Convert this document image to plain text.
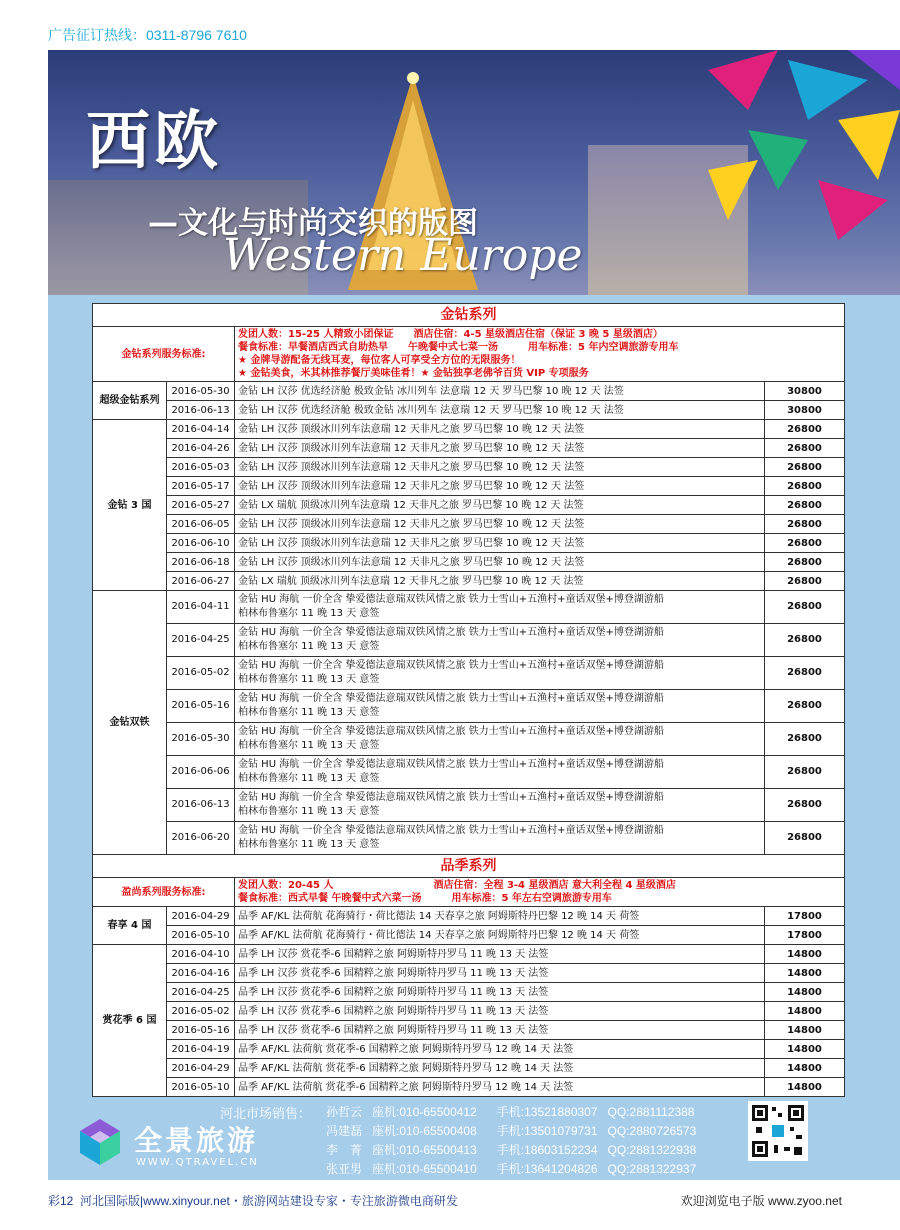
广告征订热线：0311-8796 7610
西欧
—文化与时尚交织的版图
Western Europe
金钻系列			
金钻系列服务标准:		发团人数：15-25 人精致小团保证　　酒店住宿：4-5 星级酒店住宿（保证 3 晚 5 星级酒店）
餐食标准：早餐酒店西式自助热早　　午晚餐中式七菜一汤　　　用车标准：5 年内空调旅游专用车
★ 金牌导游配备无线耳麦，每位客人可享受全方位的无限服务！
★ 金钻美食，米其林推荐餐厅美味佳肴！★ 金钻独享老佛爷百货 VIP 专项服务	

超级金钻系列	2016-05-30	金钻 LH 汉莎 优选经济舱 极致金钻 冰川列车 法意瑞 12 天 罗马巴黎 10 晚 12 天 法签	30800
	2016-06-13	金钻 LH 汉莎 优选经济舱 极致金钻 冰川列车 法意瑞 12 天 罗马巴黎 10 晚 12 天 法签	30800
金钻 3 国	2016-04-14	金钻 LH 汉莎 顶级冰川列车法意瑞 12 天非凡之旅 罗马巴黎 10 晚 12 天 法签	26800
	2016-04-26	金钻 LH 汉莎 顶级冰川列车法意瑞 12 天非凡之旅 罗马巴黎 10 晚 12 天 法签	26800
	2016-05-03	金钻 LH 汉莎 顶级冰川列车法意瑞 12 天非凡之旅 罗马巴黎 10 晚 12 天 法签	26800
	2016-05-17	金钻 LH 汉莎 顶级冰川列车法意瑞 12 天非凡之旅 罗马巴黎 10 晚 12 天 法签	26800
	2016-05-27	金钻 LX 瑞航 顶级冰川列车法意瑞 12 天非凡之旅 罗马巴黎 10 晚 12 天 法签	26800
	2016-06-05	金钻 LH 汉莎 顶级冰川列车法意瑞 12 天非凡之旅 罗马巴黎 10 晚 12 天 法签	26800
	2016-06-10	金钻 LH 汉莎 顶级冰川列车法意瑞 12 天非凡之旅 罗马巴黎 10 晚 12 天 法签	26800
	2016-06-18	金钻 LH 汉莎 顶级冰川列车法意瑞 12 天非凡之旅 罗马巴黎 10 晚 12 天 法签	26800
	2016-06-27	金钻 LX 瑞航 顶级冰川列车法意瑞 12 天非凡之旅 罗马巴黎 10 晚 12 天 法签	26800
金钻双铁	2016-04-11	金钻 HU 海航 一价全含 挚爱德法意瑞双铁风情之旅 铁力士雪山+五渔村+童话双堡+博登湖游船
柏林布鲁塞尔 11 晚 13 天 意签	26800
	2016-04-25	金钻 HU 海航 一价全含 挚爱德法意瑞双铁风情之旅 铁力士雪山+五渔村+童话双堡+博登湖游船
柏林布鲁塞尔 11 晚 13 天 意签	26800
	2016-05-02	金钻 HU 海航 一价全含 挚爱德法意瑞双铁风情之旅 铁力士雪山+五渔村+童话双堡+博登湖游船
柏林布鲁塞尔 11 晚 13 天 意签	26800
	2016-05-16	金钻 HU 海航 一价全含 挚爱德法意瑞双铁风情之旅 铁力士雪山+五渔村+童话双堡+博登湖游船
柏林布鲁塞尔 11 晚 13 天 意签	26800
	2016-05-30	金钻 HU 海航 一价全含 挚爱德法意瑞双铁风情之旅 铁力士雪山+五渔村+童话双堡+博登湖游船
柏林布鲁塞尔 11 晚 13 天 意签	26800
	2016-06-06	金钻 HU 海航 一价全含 挚爱德法意瑞双铁风情之旅 铁力士雪山+五渔村+童话双堡+博登湖游船
柏林布鲁塞尔 11 晚 13 天 意签	26800
	2016-06-13	金钻 HU 海航 一价全含 挚爱德法意瑞双铁风情之旅 铁力士雪山+五渔村+童话双堡+博登湖游船
柏林布鲁塞尔 11 晚 13 天 意签	26800
	2016-06-20	金钻 HU 海航 一价全含 挚爱德法意瑞双铁风情之旅 铁力士雪山+五渔村+童话双堡+博登湖游船
柏林布鲁塞尔 11 晚 13 天 意签	26800
品季系列			
盈尚系列服务标准:		发团人数：20-45 人　　　　　　　　　　酒店住宿：全程 3-4 星级酒店 意大利全程 4 星级酒店
餐食标准：西式早餐 午晚餐中式六菜一汤　　　用车标准：5 年左右空调旅游专用车	

春享 4 国	2016-04-29	品季 AF/KL 法荷航 花海骑行・荷比德法 14 天春享之旅 阿姆斯特丹巴黎 12 晚 14 天 荷签	17800
	2016-05-10	品季 AF/KL 法荷航 花海骑行・荷比德法 14 天春享之旅 阿姆斯特丹巴黎 12 晚 14 天 荷签	17800
赏花季 6 国	2016-04-10	品季 LH 汉莎 赏花季-6 国精粹之旅 阿姆斯特丹罗马 11 晚 13 天 法签	14800
	2016-04-16	品季 LH 汉莎 赏花季-6 国精粹之旅 阿姆斯特丹罗马 11 晚 13 天 法签	14800
	2016-04-25	品季 LH 汉莎 赏花季-6 国精粹之旅 阿姆斯特丹罗马 11 晚 13 天 法签	14800
	2016-05-02	品季 LH 汉莎 赏花季-6 国精粹之旅 阿姆斯特丹罗马 11 晚 13 天 法签	14800
	2016-05-16	品季 LH 汉莎 赏花季-6 国精粹之旅 阿姆斯特丹罗马 11 晚 13 天 法签	14800
	2016-04-19	品季 AF/KL 法荷航 赏花季-6 国精粹之旅 阿姆斯特丹罗马 12 晚 14 天 法签	14800
	2016-04-29	品季 AF/KL 法荷航 赏花季-6 国精粹之旅 阿姆斯特丹罗马 12 晚 14 天 法签	14800
	2016-05-10	品季 AF/KL 法荷航 赏花季-6 国精粹之旅 阿姆斯特丹罗马 12 晚 14 天 法签	14800
全景旅游
WWW.QTRAVEL.CN
河北市场销售： 孙哲云 座机:010-65500412 手机:13521880307 QQ:2881112388
冯建磊 座机:010-65500408 手机:13501079731 QQ:2880726573
李　菁 座机:010-65500413 手机:18603152234 QQ:2881322938
张亚男 座机:010-65500410 手机:13641204826 QQ:2881322937
彩12 河北国际版|www.xinyour.net・旅游网站建设专家・专注旅游微电商研发	欢迎浏览电子版 www.zyoo.net
